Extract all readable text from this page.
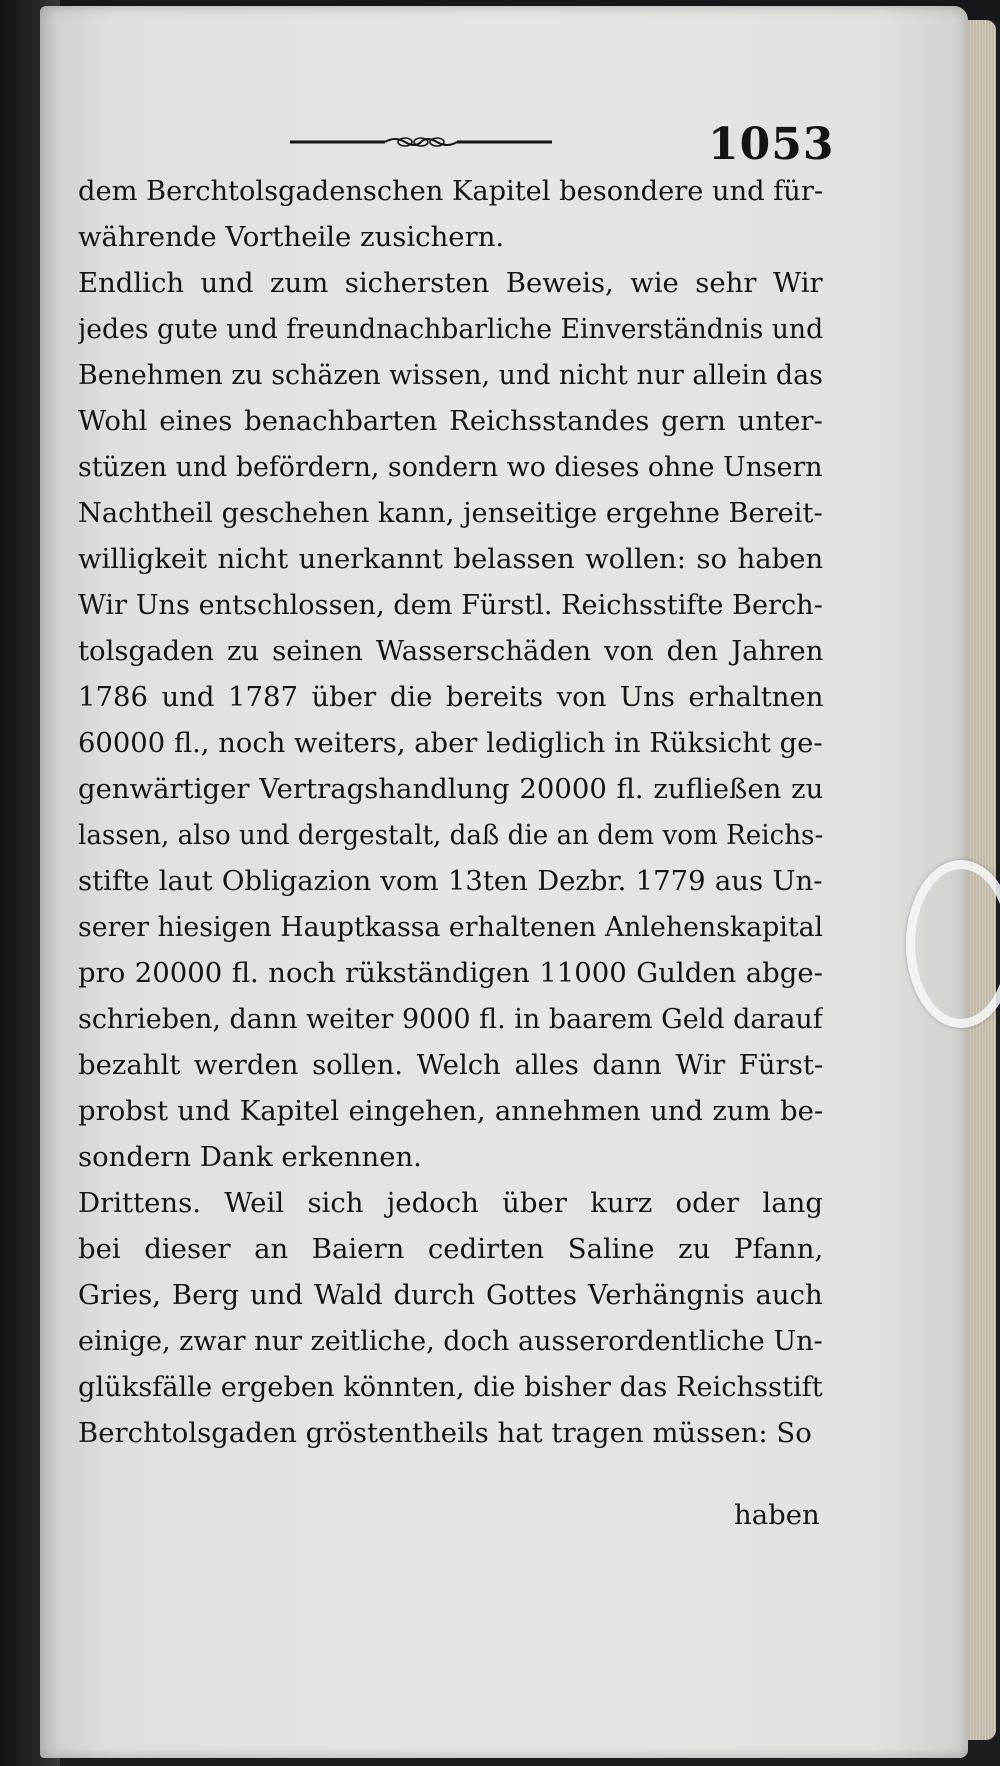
1053
dem Berchtolsgadenschen Kapitel besondere und für-
währende Vortheile zusichern.
Endlich und zum sichersten Beweis, wie sehr Wir
jedes gute und freundnachbarliche Einverständnis und
Benehmen zu schäzen wissen, und nicht nur allein das
Wohl eines benachbarten Reichsstandes gern unter-
stüzen und befördern, sondern wo dieses ohne Unsern
Nachtheil geschehen kann, jenseitige ergehne Bereit-
willigkeit nicht unerkannt belassen wollen: so haben
Wir Uns entschlossen, dem Fürstl. Reichsstifte Berch-
tolsgaden zu seinen Wasserschäden von den Jahren
1786 und 1787 über die bereits von Uns erhaltnen
60000 fl., noch weiters, aber lediglich in Rüksicht ge-
genwärtiger Vertragshandlung 20000 fl. zufließen zu
lassen, also und dergestalt, daß die an dem vom Reichs-
stifte laut Obligazion vom 13ten Dezbr. 1779 aus Un-
serer hiesigen Hauptkassa erhaltenen Anlehenskapital
pro 20000 fl. noch rükständigen 11000 Gulden abge-
schrieben, dann weiter 9000 fl. in baarem Geld darauf
bezahlt werden sollen. Welch alles dann Wir Fürst-
probst und Kapitel eingehen, annehmen und zum be-
sondern Dank erkennen.
Drittens. Weil sich jedoch über kurz oder lang
bei dieser an Baiern cedirten Saline zu Pfann,
Gries, Berg und Wald durch Gottes Verhängnis auch
einige, zwar nur zeitliche, doch ausserordentliche Un-
glüksfälle ergeben könnten, die bisher das Reichsstift
Berchtolsgaden gröstentheils hat tragen müssen: So
haben
